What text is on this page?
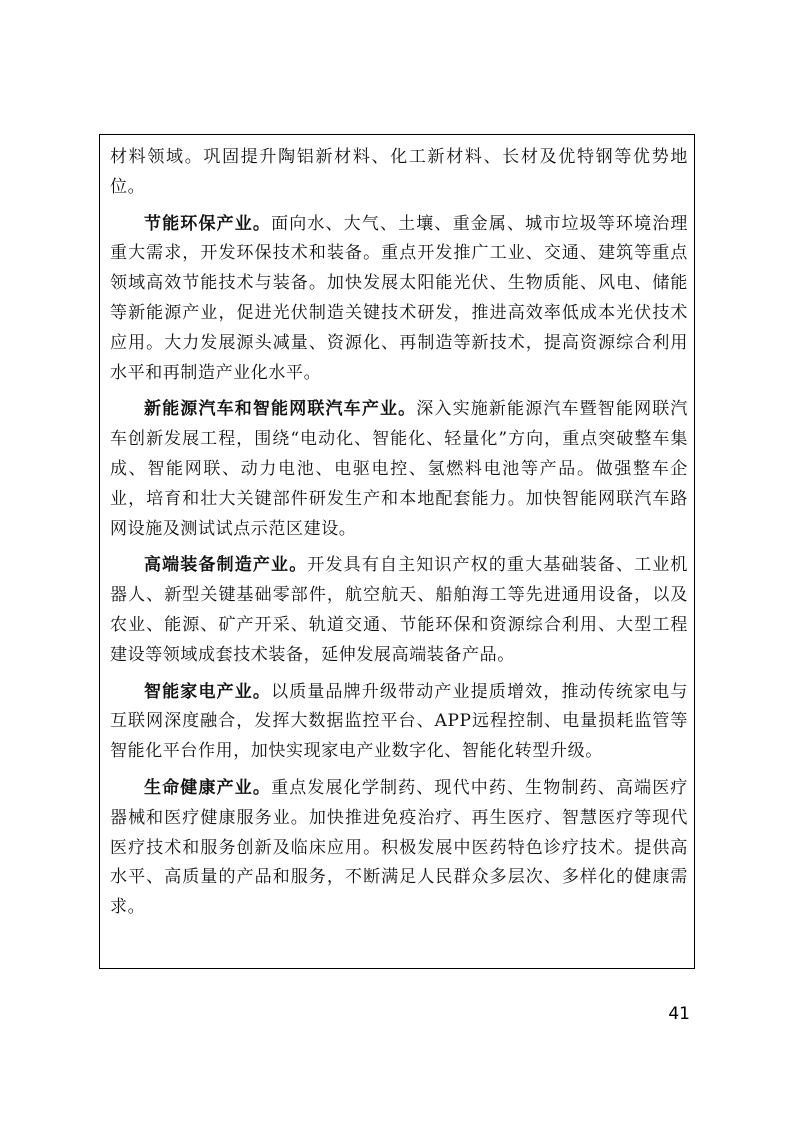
材料领域。巩固提升陶铝新材料、化工新材料、长材及优特钢等优势地位。

节能环保产业。面向水、大气、土壤、重金属、城市垃圾等环境治理重大需求，开发环保技术和装备。重点开发推广工业、交通、建筑等重点领域高效节能技术与装备。加快发展太阳能光伏、生物质能、风电、储能等新能源产业，促进光伏制造关键技术研发，推进高效率低成本光伏技术应用。大力发展源头减量、资源化、再制造等新技术，提高资源综合利用水平和再制造产业化水平。

新能源汽车和智能网联汽车产业。深入实施新能源汽车暨智能网联汽车创新发展工程，围绕“电动化、智能化、轻量化”方向，重点突破整车集成、智能网联、动力电池、电驱电控、氢燃料电池等产品。做强整车企业，培育和壮大关键部件研发生产和本地配套能力。加快智能网联汽车路网设施及测试试点示范区建设。

高端装备制造产业。开发具有自主知识产权的重大基础装备、工业机器人、新型关键基础零部件，航空航天、船舶海工等先进通用设备，以及农业、能源、矿产开采、轨道交通、节能环保和资源综合利用、大型工程建设等领域成套技术装备，延伸发展高端装备产品。

智能家电产业。以质量品牌升级带动产业提质增效，推动传统家电与互联网深度融合，发挥大数据监控平台、APP远程控制、电量损耗监管等智能化平台作用，加快实现家电产业数字化、智能化转型升级。

生命健康产业。重点发展化学制药、现代中药、生物制药、高端医疗器械和医疗健康服务业。加快推进免疫治疗、再生医疗、智慧医疗等现代医疗技术和服务创新及临床应用。积极发展中医药特色诊疗技术。提供高水平、高质量的产品和服务，不断满足人民群众多层次、多样化的健康需求。

41
